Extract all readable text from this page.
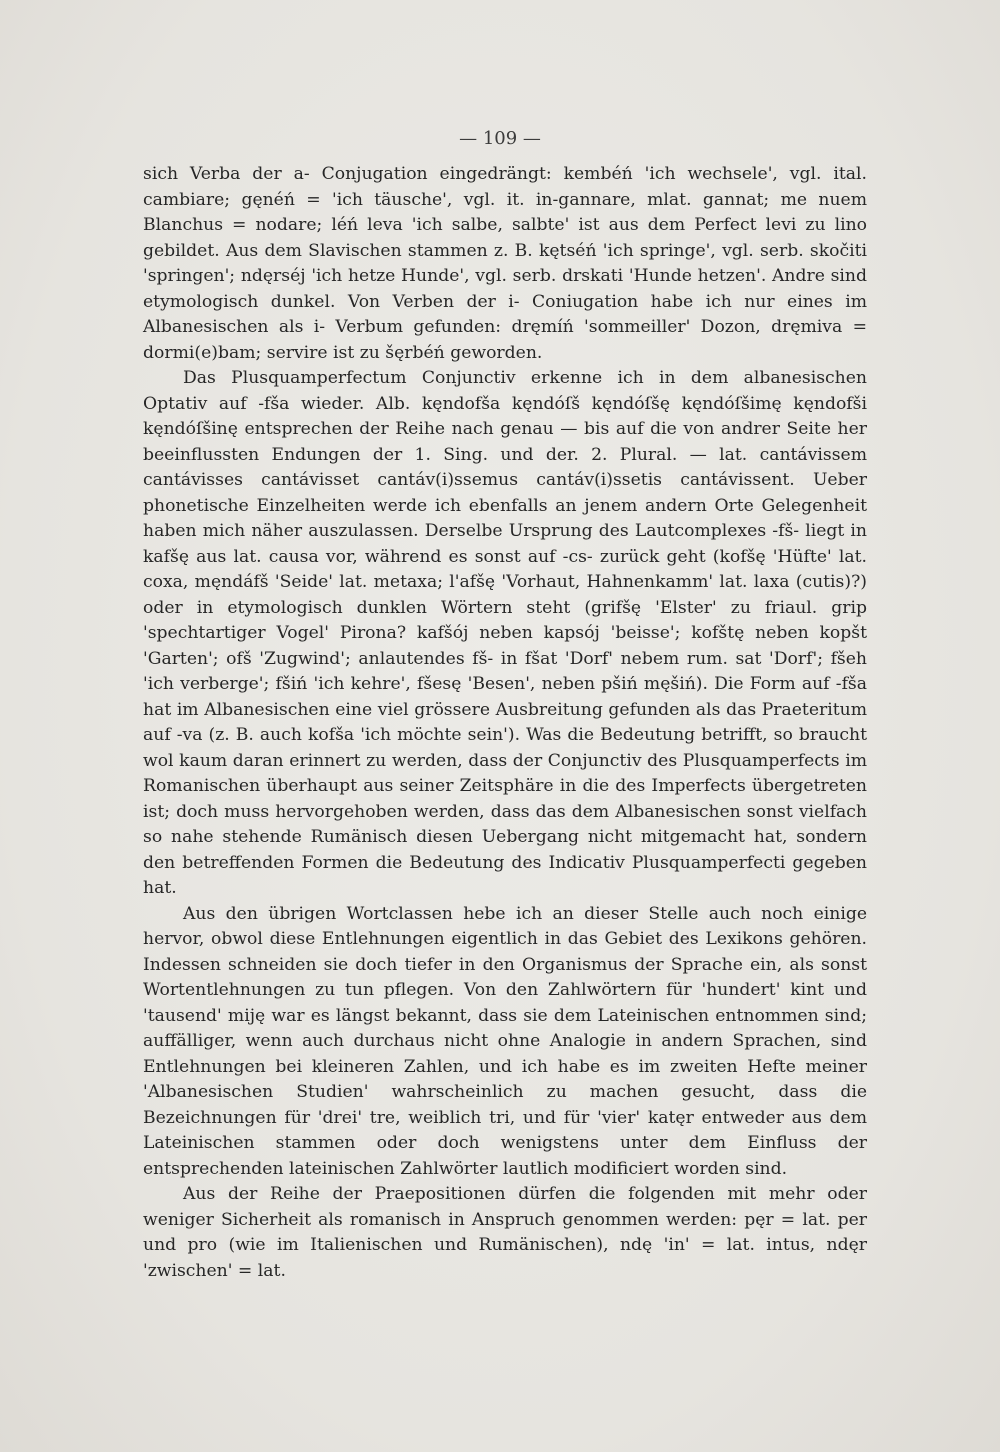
— 109 —

sich Verba der a- Conjugation eingedrängt: kembéń 'ich wechsele', vgl. ital. cambiare; gęnéń = 'ich täusche', vgl. it. in-gannare, mlat. gannat; me nuem Blanchus = nodare; léń leva 'ich salbe, salbte' ist aus dem Perfect levi zu lino gebildet. Aus dem Slavischen stammen z. B. kętséń 'ich springe', vgl. serb. skočiti 'springen'; ndęrséj 'ich hetze Hunde', vgl. serb. drskati 'Hunde hetzen'. Andre sind etymologisch dunkel. Von Verben der i- Coniugation habe ich nur eines im Albanesischen als i- Verbum gefunden: dręmíń 'sommeiller' Dozon, dręmiva = dormi(e)bam; servire ist zu šęrbéń geworden.

Das Plusquamperfectum Conjunctiv erkenne ich in dem albanesischen Optativ auf -fša wieder. Alb. kęndofša kęndóſš kęndóſšę kęndóſšimę kęndofši kęndóſšinę entsprechen der Reihe nach genau — bis auf die von andrer Seite her beeinflussten Endungen der 1. Sing. und der. 2. Plural. — lat. cantávissem cantávisses cantávisset cantáv(i)ssemus cantáv(i)ssetis cantávissent. Ueber phonetische Einzelheiten werde ich ebenfalls an jenem andern Orte Gelegenheit haben mich näher auszulassen. Derselbe Ursprung des Lautcomplexes -fš- liegt in kafšę aus lat. causa vor, während es sonst auf -cs- zurück geht (kofšę 'Hüfte' lat. coxa, męndáfš 'Seide' lat. metaxa; l'afšę 'Vorhaut, Hahnenkamm' lat. laxa (cutis)?) oder in etymologisch dunklen Wörtern steht (grifšę 'Elster' zu friaul. grip 'spechtartiger Vogel' Pirona? kafšój neben kapsój 'beisse'; kofštę neben kopšt 'Garten'; ofš 'Zugwind'; anlautendes fš- in fšat 'Dorf' nebem rum. sat 'Dorf'; fšeh 'ich verberge'; fšiń 'ich kehre', fšesę 'Besen', neben pšiń męšiń). Die Form auf -fša hat im Albanesischen eine viel grössere Ausbreitung gefunden als das Praeteritum auf -va (z. B. auch kofša 'ich möchte sein'). Was die Bedeutung betrifft, so braucht wol kaum daran erinnert zu werden, dass der Conjunctiv des Plusquamperfects im Romanischen überhaupt aus seiner Zeitsphäre in die des Imperfects übergetreten ist; doch muss hervorgehoben werden, dass das dem Albanesischen sonst vielfach so nahe stehende Rumänisch diesen Uebergang nicht mitgemacht hat, sondern den betreffenden Formen die Bedeutung des Indicativ Plusquamperfecti gegeben hat.

Aus den übrigen Wortclassen hebe ich an dieser Stelle auch noch einige hervor, obwol diese Entlehnungen eigentlich in das Gebiet des Lexikons gehören. Indessen schneiden sie doch tiefer in den Organismus der Sprache ein, als sonst Wortentlehnungen zu tun pflegen. Von den Zahlwörtern für 'hundert' kint und 'tausend' miję war es längst bekannt, dass sie dem Lateinischen entnommen sind; auffälliger, wenn auch durchaus nicht ohne Analogie in andern Sprachen, sind Entlehnungen bei kleineren Zahlen, und ich habe es im zweiten Hefte meiner 'Albanesischen Studien' wahrscheinlich zu machen gesucht, dass die Bezeichnungen für 'drei' tre, weiblich tri, und für 'vier' katęr entweder aus dem Lateinischen stammen oder doch wenigstens unter dem Einfluss der entsprechenden lateinischen Zahlwörter lautlich modificiert worden sind.

Aus der Reihe der Praepositionen dürfen die folgenden mit mehr oder weniger Sicherheit als romanisch in Anspruch genommen werden: pęr = lat. per und pro (wie im Italienischen und Rumänischen), ndę 'in' = lat. intus, ndęr 'zwischen' = lat.
